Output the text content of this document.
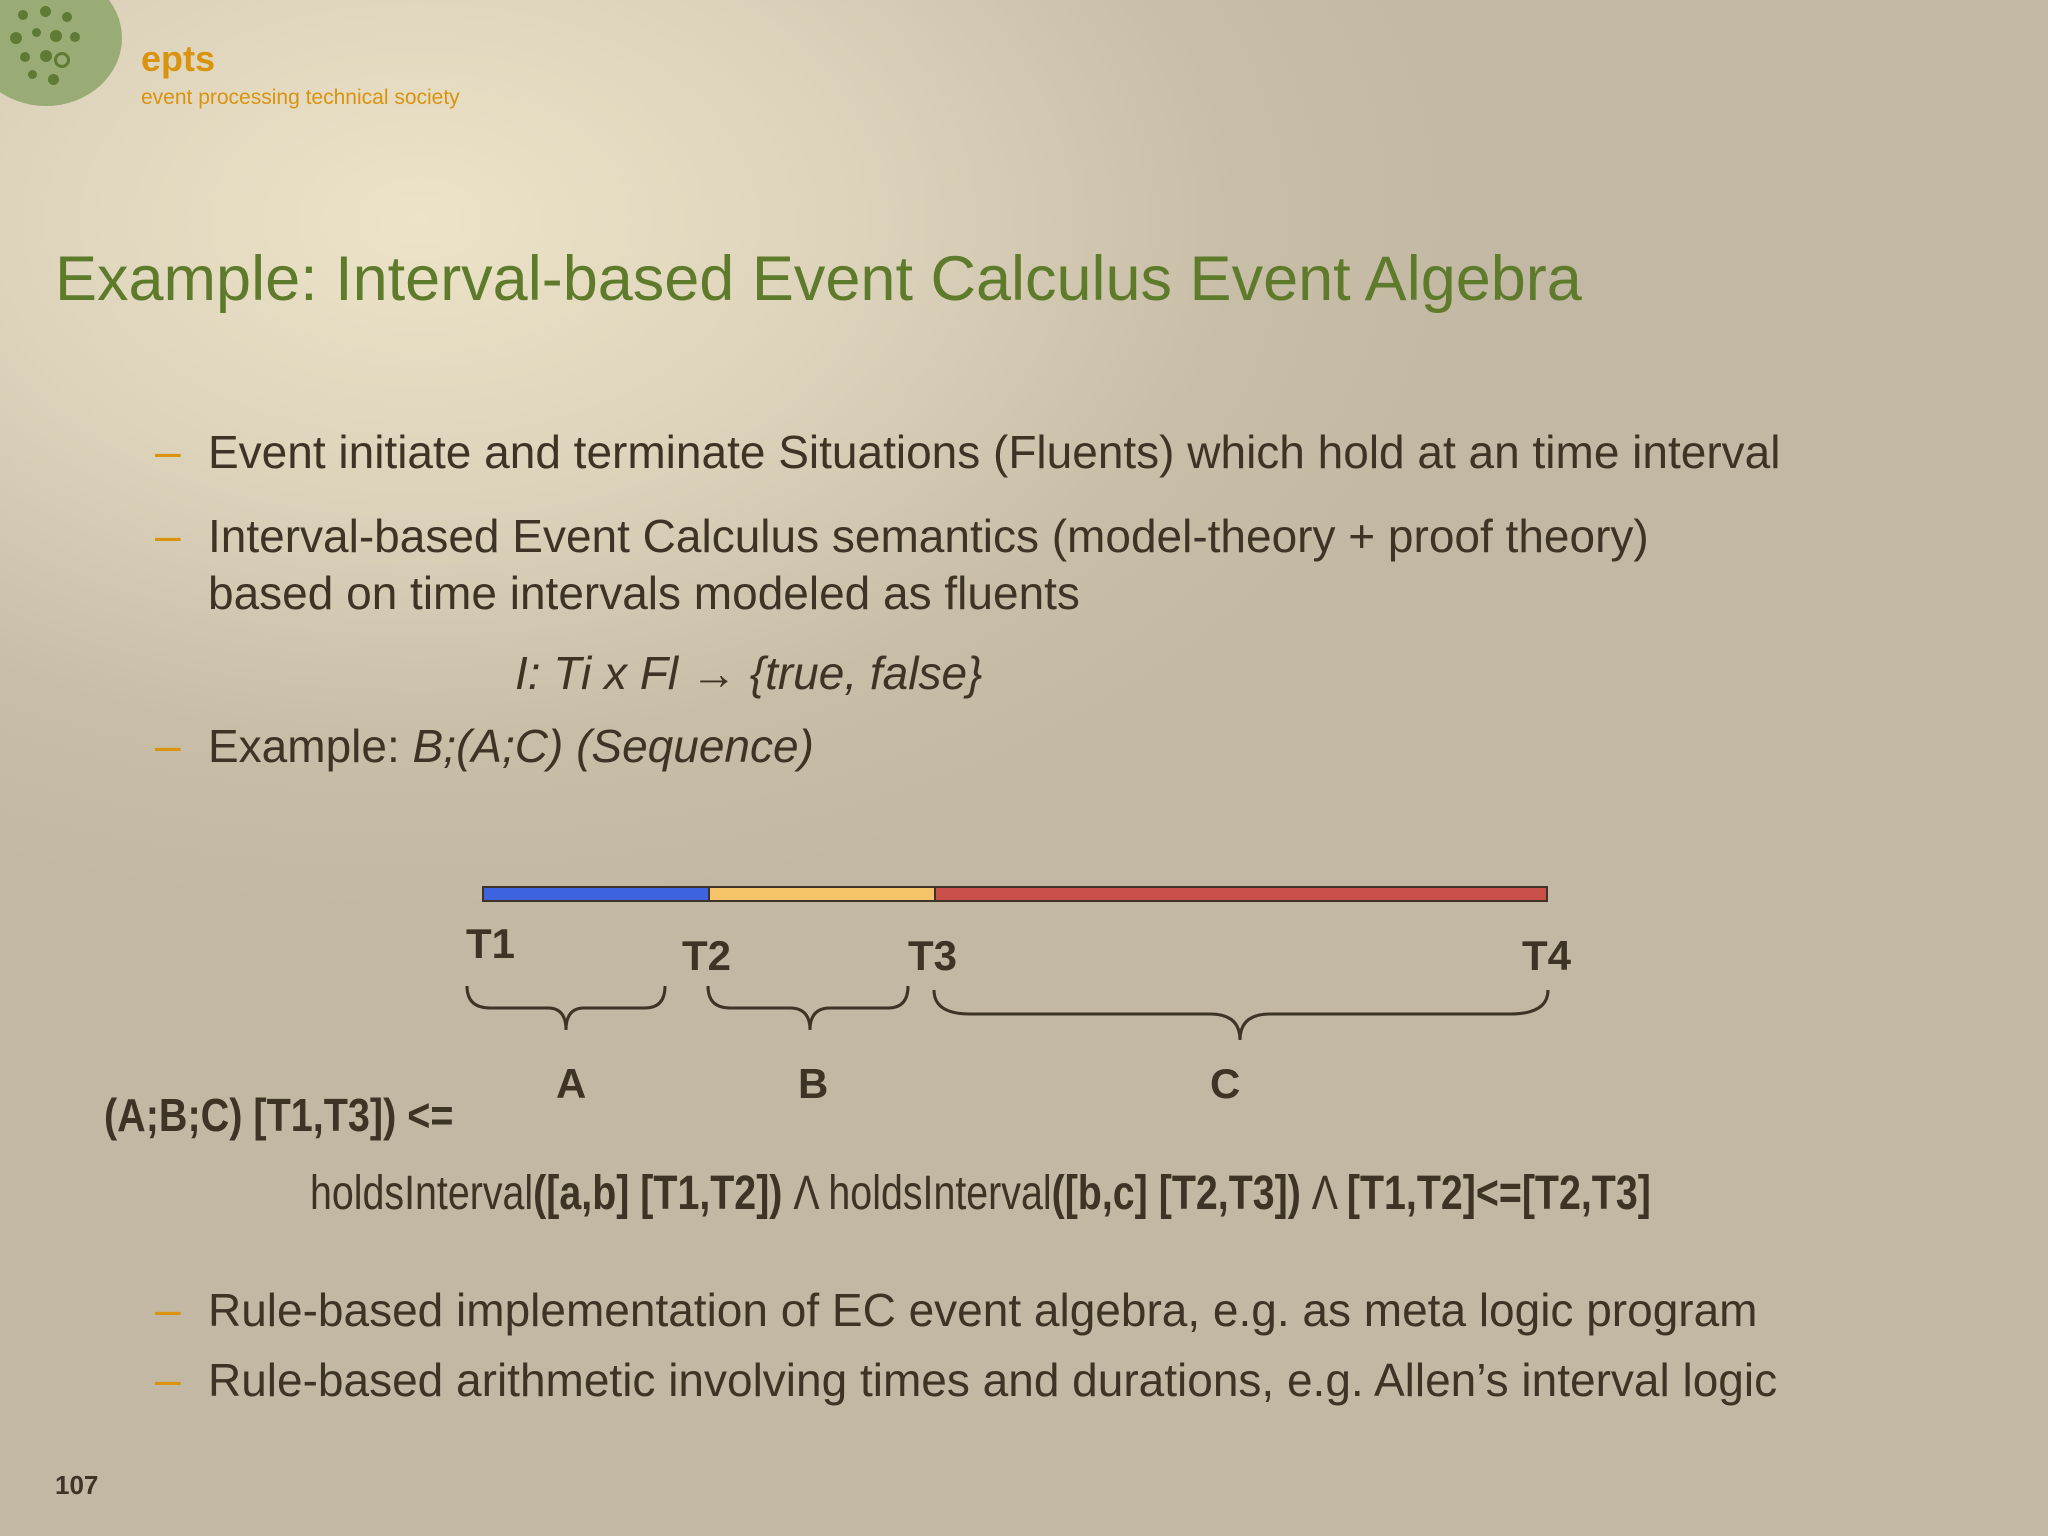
epts
event processing technical society
Example: Interval-based Event Calculus Event Algebra
– Event initiate and terminate Situations (Fluents) which hold at an time interval
– Interval-based Event Calculus semantics (model-theory + proof theory)
based on time intervals modeled as fluents
I: Ti x Fl → {true, false}
– Example: B;(A;C) (Sequence)
T1	T2	T3	T4
A	B	C
(A;B;C) [T1,T3]) <=
holdsInterval([a,b] [T1,T2]) Λ holdsInterval([b,c] [T2,T3]) Λ [T1,T2]<=[T2,T3]
– Rule-based implementation of EC event algebra, e.g. as meta logic program
– Rule-based arithmetic involving times and durations, e.g. Allen’s interval logic
107
